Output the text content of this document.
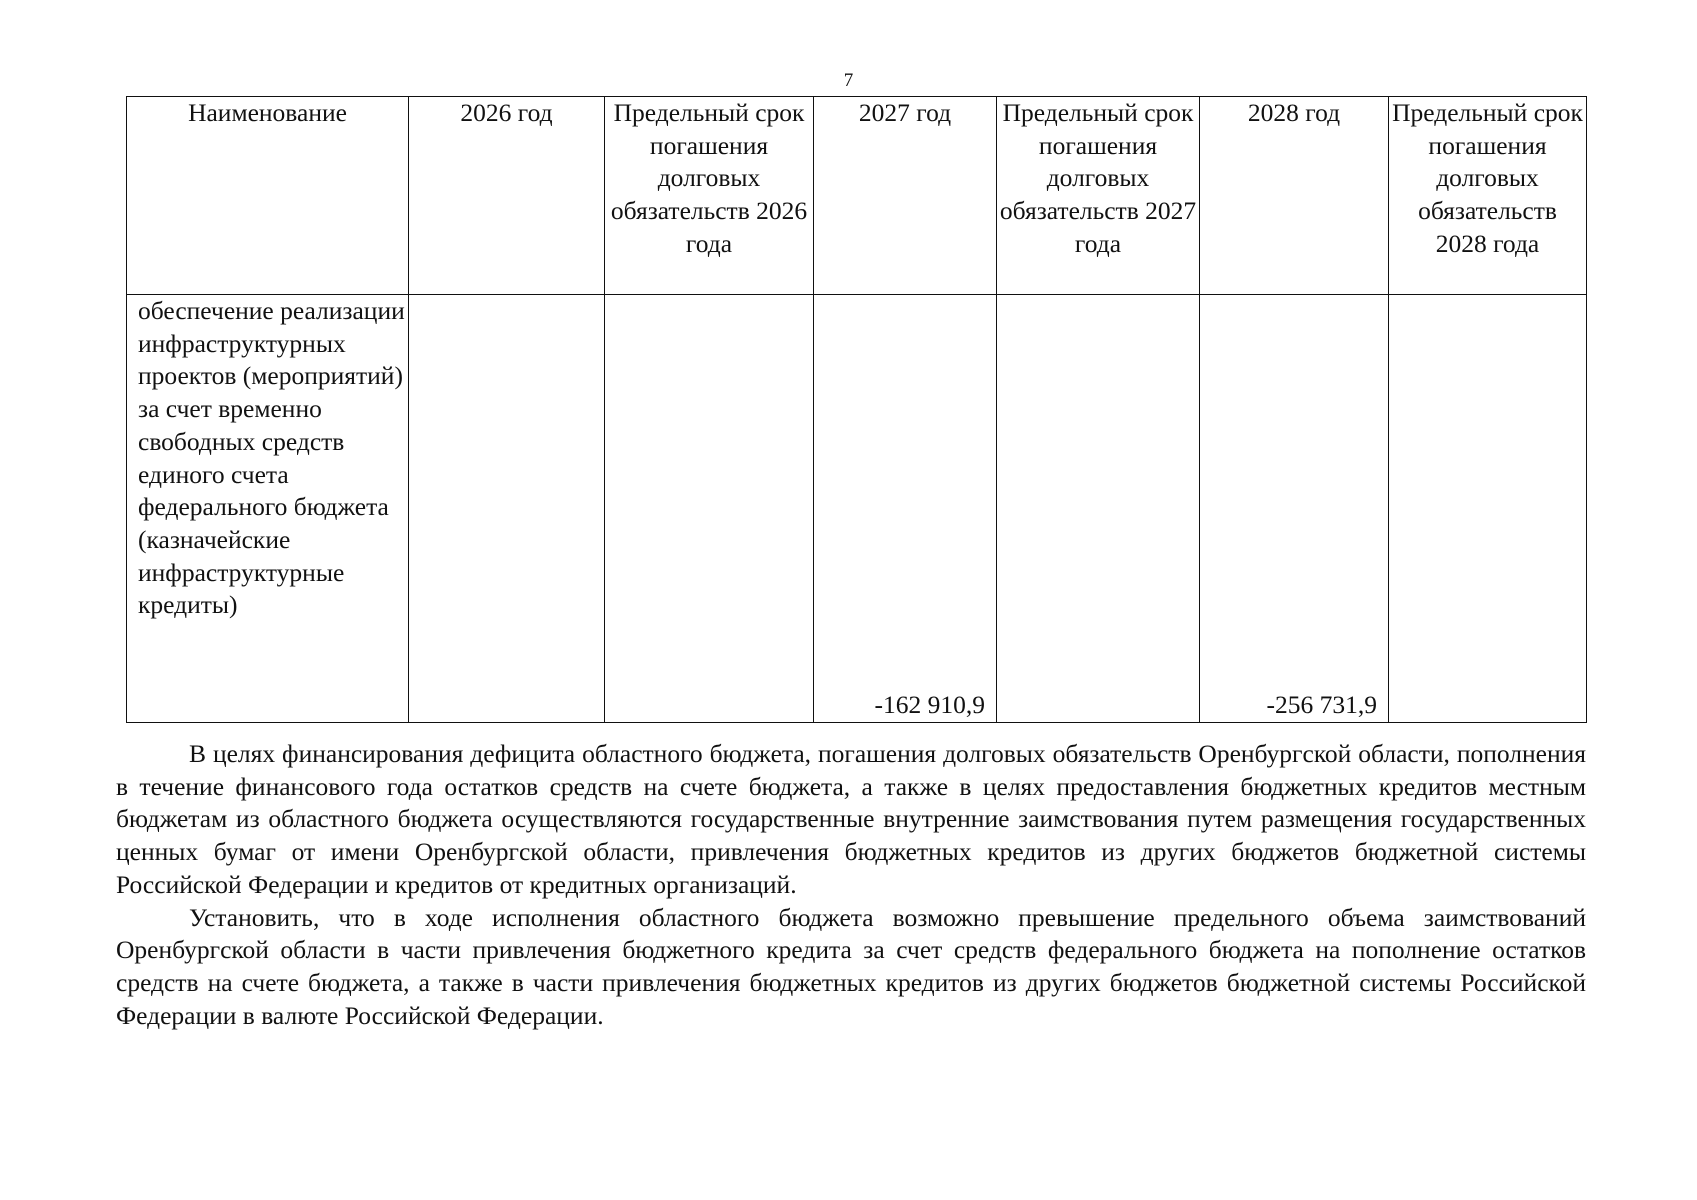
7
Наименование	2026 год	Предельный срок погашения долговых обязательств 2026 года	2027 год	Предельный срок погашения долговых обязательств 2027 года	2028 год	Предельный срок погашения долговых обязательств 2028 года
обеспечение реализации инфраструктурных проектов (мероприятий) за счет временно свободных средств единого счета федерального бюджета (казначейские инфраструктурные кредиты)			-162 910,9		-256 731,9	

В целях финансирования дефицита областного бюджета, погашения долговых обязательств Оренбургской области, пополнения в течение финансового года остатков средств на счете бюджета, а также в целях предоставления бюджетных кредитов местным бюджетам из областного бюджета осуществляются государственные внутренние заимствования путем размещения государственных ценных бумаг от имени Оренбургской области, привлечения бюджетных кредитов из других бюджетов бюджетной системы Российской Федерации и кредитов от кредитных организаций.

Установить, что в ходе исполнения областного бюджета возможно превышение предельного объема заимствований Оренбургской области в части привлечения бюджетного кредита за счет средств федерального бюджета на пополнение остатков средств на счете бюджета, а также в части привлечения бюджетных кредитов из других бюджетов бюджетной системы Российской Федерации в валюте Российской Федерации.
